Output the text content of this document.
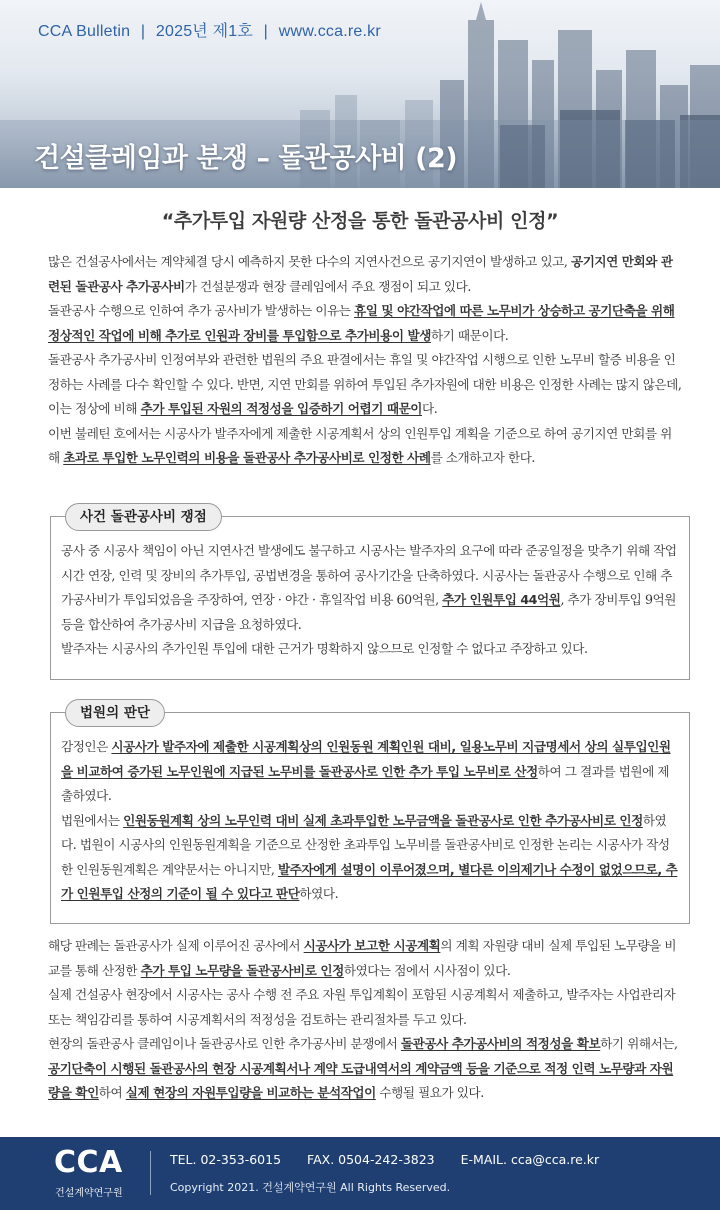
CCA Bulletin | 2025년 제1호 | www.cca.re.kr
건설클레임과 분쟁 – 돌관공사비 (2)
“추가투입 자원량 산정을 통한 돌관공사비 인정”

많은 건설공사에서는 계약체결 당시 예측하지 못한 다수의 지연사건으로 공기지연이 발생하고 있고, 공기지연 만회와 관련된 돌관공사 추가공사비가 건설분쟁과 현장 클레임에서 주요 쟁점이 되고 있다.

돌관공사 수행으로 인하여 추가 공사비가 발생하는 이유는 휴일 및 야간작업에 따른 노무비가 상승하고 공기단축을 위해 정상적인 작업에 비해 추가로 인원과 장비를 투입함으로 추가비용이 발생하기 때문이다.

돌관공사 추가공사비 인정여부와 관련한 법원의 주요 판결에서는 휴일 및 야간작업 시행으로 인한 노무비 할증 비용을 인정하는 사례를 다수 확인할 수 있다. 반면, 지연 만회를 위하여 투입된 추가자원에 대한 비용은 인정한 사례는 많지 않은데, 이는 정상에 비해 추가 투입된 자원의 적정성을 입증하기 어렵기 때문이다.

이번 불레틴 호에서는 시공사가 발주자에게 제출한 시공계획서 상의 인원투입 계획을 기준으로 하여 공기지연 만회를 위해 초과로 투입한 노무인력의 비용을 돌관공사 추가공사비로 인정한 사례를 소개하고자 한다.

사건 돌관공사비 쟁점

공사 중 시공사 책임이 아닌 지연사건 발생에도 불구하고 시공사는 발주자의 요구에 따라 준공일정을 맞추기 위해 작업시간 연장, 인력 및 장비의 추가투입, 공법변경을 통하여 공사기간을 단축하였다. 시공사는 돌관공사 수행으로 인해 추가공사비가 투입되었음을 주장하여, 연장 · 야간 · 휴일작업 비용 60억원, 추가 인원투입 44억원, 추가 장비투입 9억원 등을 합산하여 추가공사비 지급을 요청하였다.

발주자는 시공사의 추가인원 투입에 대한 근거가 명확하지 않으므로 인정할 수 없다고 주장하고 있다.

법원의 판단

감정인은 시공사가 발주자에 제출한 시공계획상의 인원동원 계획인원 대비, 일용노무비 지급명세서 상의 실투입인원을 비교하여 증가된 노무인원에 지급된 노무비를 돌관공사로 인한 추가 투입 노무비로 산정하여 그 결과를 법원에 제출하였다.

법원에서는 인원동원계획 상의 노무인력 대비 실제 초과투입한 노무금액을 돌관공사로 인한 추가공사비로 인정하였다. 법원이 시공사의 인원동원계획을 기준으로 산정한 초과투입 노무비를 돌관공사비로 인정한 논리는 시공사가 작성한 인원동원계획은 계약문서는 아니지만, 발주자에게 설명이 이루어졌으며, 별다른 이의제기나 수정이 없었으므로, 추가 인원투입 산정의 기준이 될 수 있다고 판단하였다.

해당 판례는 돌관공사가 실제 이루어진 공사에서 시공사가 보고한 시공계획의 계획 자원량 대비 실제 투입된 노무량을 비교를 통해 산정한 추가 투입 노무량을 돌관공사비로 인정하였다는 점에서 시사점이 있다.

실제 건설공사 현장에서 시공사는 공사 수행 전 주요 자원 투입계획이 포함된 시공계획서 제출하고, 발주자는 사업관리자 또는 책임감리를 통하여 시공계획서의 적정성을 검토하는 관리절차를 두고 있다.

현장의 돌관공사 클레임이나 돌관공사로 인한 추가공사비 분쟁에서 돌관공사 추가공사비의 적정성을 확보하기 위해서는, 공기단축이 시행된 돌관공사의 현장 시공계획서나 계약 도급내역서의 계약금액 등을 기준으로 적정 인력 노무량과 자원량을 확인하여 실제 현장의 자원투입량을 비교하는 분석작업이 수행될 필요가 있다.

CCA
건설계약연구원
TEL. 02-353-6015 FAX. 0504-242-3823 E-MAIL. cca@cca.re.kr
Copyright 2021. 건설계약연구원 All Rights Reserved.
